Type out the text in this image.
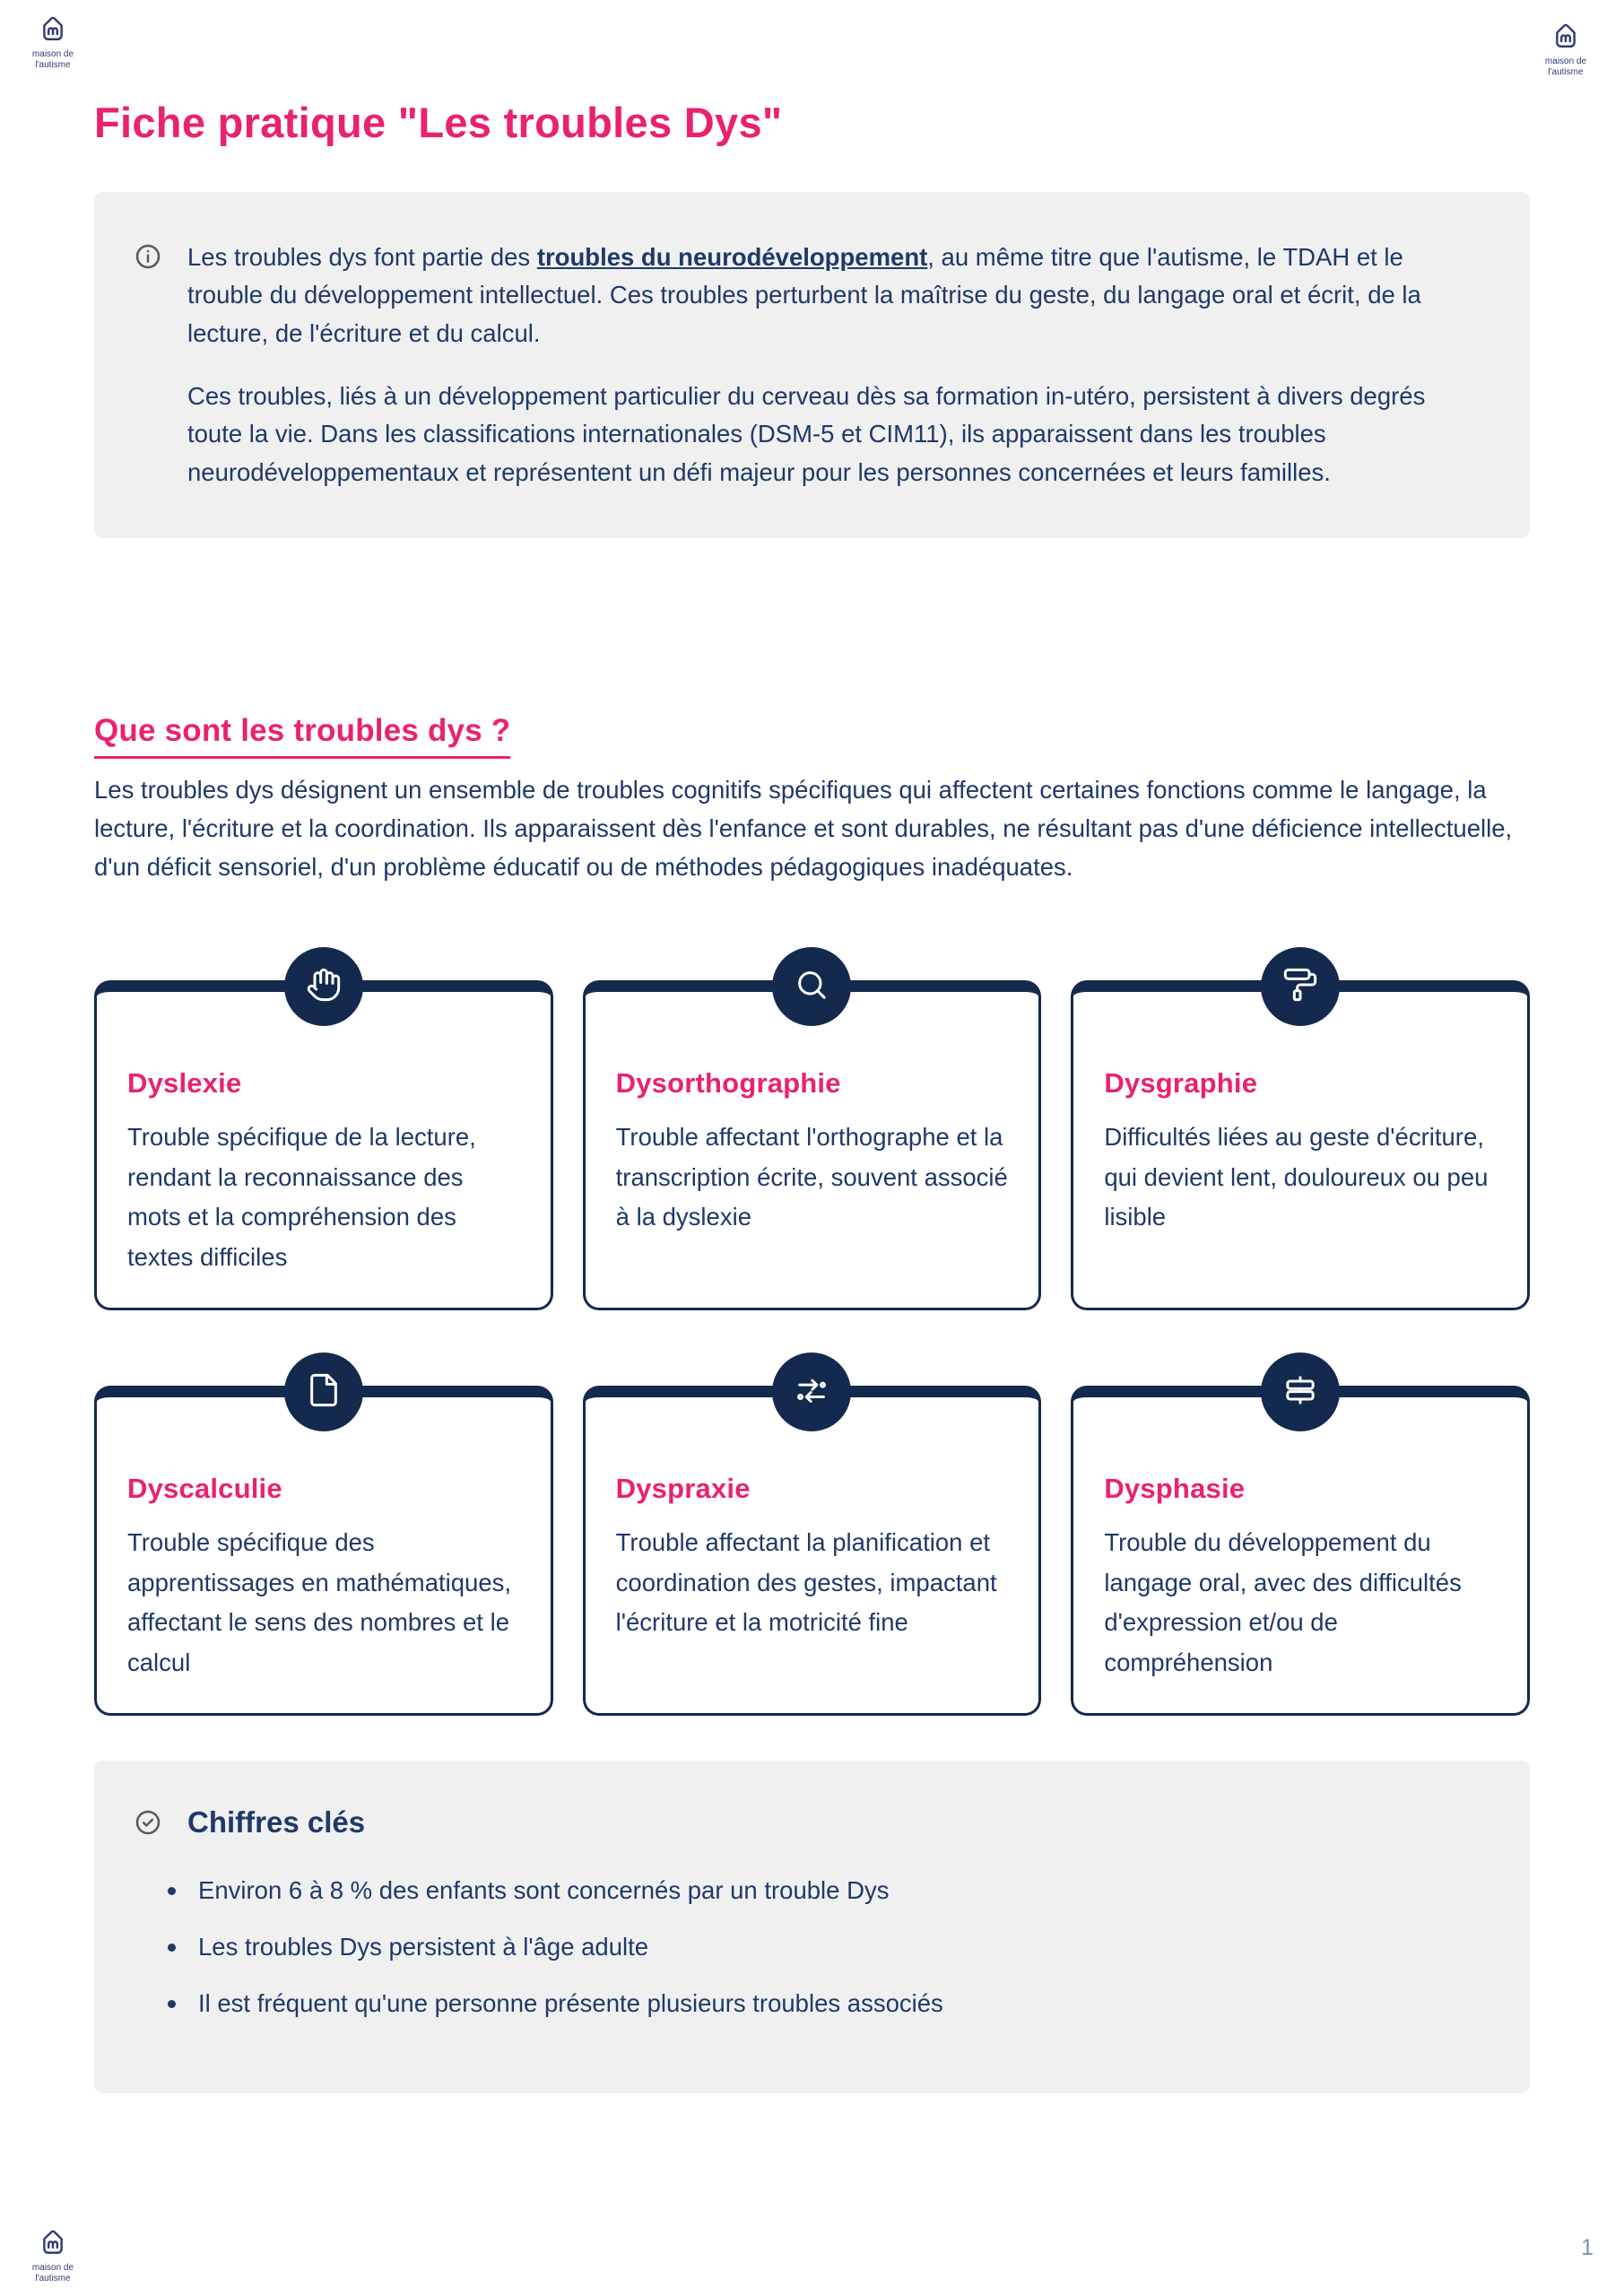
maison de
l'autisme	maison de
l'autisme
Fiche pratique "Les troubles Dys"

Les troubles dys font partie des troubles du neurodéveloppement, au même titre que l'autisme, le TDAH et le trouble du développement intellectuel. Ces troubles perturbent la maîtrise du geste, du langage oral et écrit, de la lecture, de l'écriture et du calcul.

Ces troubles, liés à un développement particulier du cerveau dès sa formation in-utéro, persistent à divers degrés toute la vie. Dans les classifications internationales (DSM-5 et CIM11), ils apparaissent dans les troubles neurodéveloppementaux et représentent un défi majeur pour les personnes concernées et leurs familles.

Que sont les troubles dys ?

Les troubles dys désignent un ensemble de troubles cognitifs spécifiques qui affectent certaines fonctions comme le langage, la lecture, l'écriture et la coordination. Ils apparaissent dès l'enfance et sont durables, ne résultant pas d'une déficience intellectuelle, d'un déficit sensoriel, d'un problème éducatif ou de méthodes pédagogiques inadéquates.

Dyslexie
Trouble spécifique de la lecture, rendant la reconnaissance des mots et la compréhension des textes difficiles
Dysorthographie
Trouble affectant l'orthographe et la transcription écrite, souvent associé à la dyslexie
Dysgraphie
Difficultés liées au geste d'écriture, qui devient lent, douloureux ou peu lisible
Dyscalculie
Trouble spécifique des apprentissages en mathématiques, affectant le sens des nombres et le calcul
Dyspraxie
Trouble affectant la planification et coordination des gestes, impactant l'écriture et la motricité fine
Dysphasie
Trouble du développement du langage oral, avec des difficultés d'expression et/ou de compréhension
Chiffres clés
Environ 6 à 8 % des enfants sont concernés par un trouble Dys
Les troubles Dys persistent à l'âge adulte
Il est fréquent qu'une personne présente plusieurs troubles associés
maison de
l'autisme
1
